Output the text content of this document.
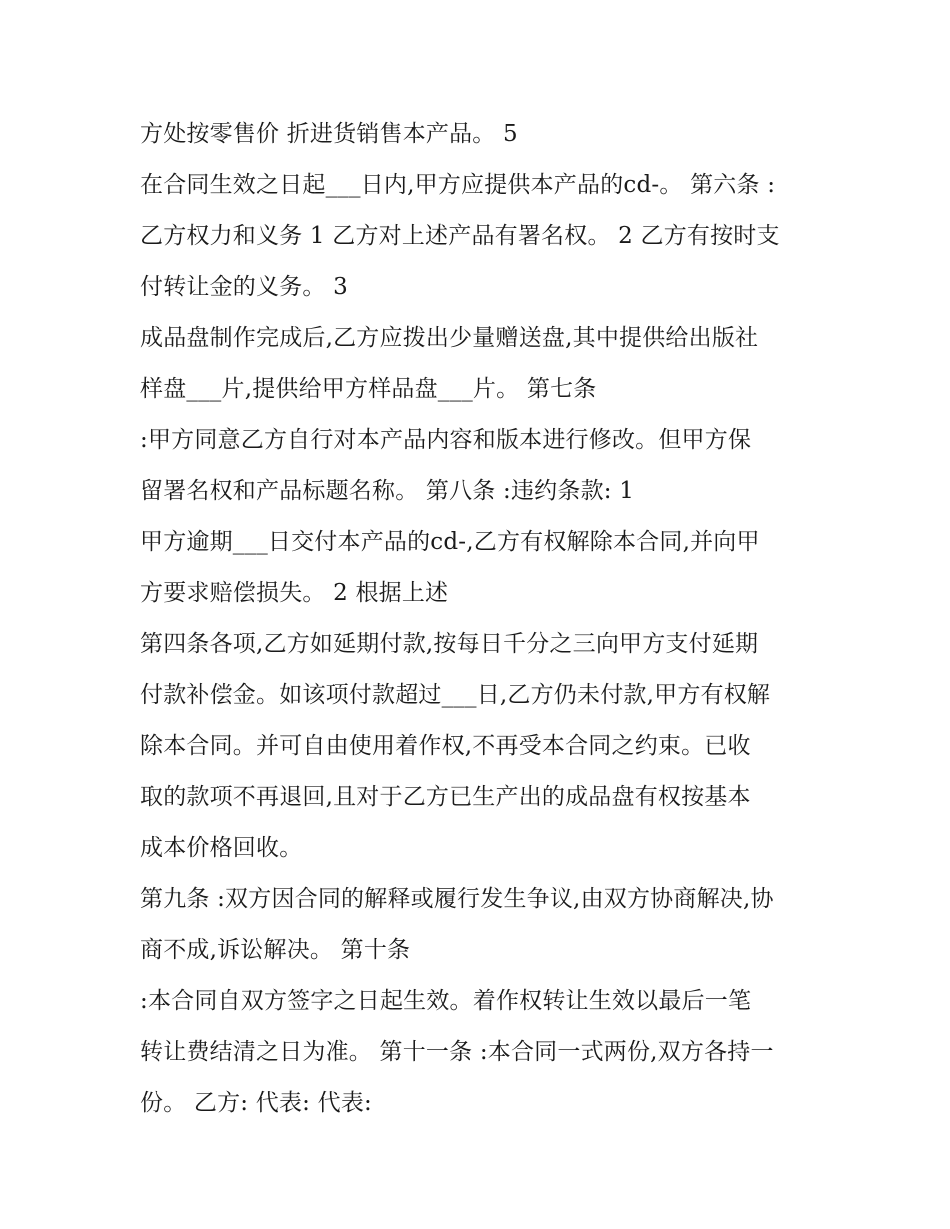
方处按零售价 折进货销售本产品。 5
在合同生效之日起___日内,甲方应提供本产品的cd-。 第六条 :
乙方权力和义务 1 乙方对上述产品有署名权。 2 乙方有按时支
付转让金的义务。 3
成品盘制作完成后,乙方应拨出少量赠送盘,其中提供给出版社
样盘___片,提供给甲方样品盘___片。 第七条
:甲方同意乙方自行对本产品内容和版本进行修改。但甲方保
留署名权和产品标题名称。 第八条 :违约条款: 1
甲方逾期___日交付本产品的cd-,乙方有权解除本合同,并向甲
方要求赔偿损失。 2 根据上述
第四条各项,乙方如延期付款,按每日千分之三向甲方支付延期
付款补偿金。如该项付款超过___日,乙方仍未付款,甲方有权解
除本合同。并可自由使用着作权,不再受本合同之约束。已收
取的款项不再退回,且对于乙方已生产出的成品盘有权按基本
成本价格回收。
第九条 :双方因合同的解释或履行发生争议,由双方协商解决,协
商不成,诉讼解决。 第十条
:本合同自双方签字之日起生效。着作权转让生效以最后一笔
转让费结清之日为准。 第十一条 :本合同一式两份,双方各持一
份。 乙方: 代表: 代表:
